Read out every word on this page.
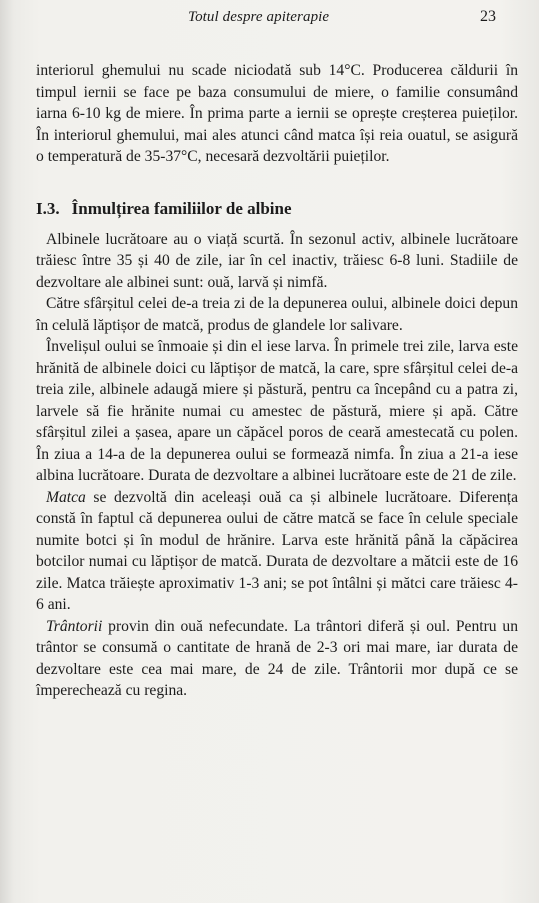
Totul despre apiterapie	23

interiorul ghemului nu scade niciodată sub 14°C. Producerea căldurii în timpul iernii se face pe baza consumului de miere, o familie consumând iarna 6-10 kg de miere. În prima parte a iernii se oprește creșterea puieților. În interiorul ghemului, mai ales atunci când matca își reia ouatul, se asigură o temperatură de 35-37°C, necesară dezvoltării puieților.

I.3. Înmulțirea familiilor de albine

Albinele lucrătoare au o viață scurtă. În sezonul activ, albinele lucrătoare trăiesc între 35 și 40 de zile, iar în cel inactiv, trăiesc 6-8 luni. Stadiile de dezvoltare ale albinei sunt: ouă, larvă și nimfă.

Către sfârșitul celei de-a treia zi de la depunerea oului, albinele doici depun în celulă lăptișor de matcă, produs de glandele lor salivare.

Învelișul oului se înmoaie și din el iese larva. În primele trei zile, larva este hrănită de albinele doici cu lăptișor de matcă, la care, spre sfârșitul celei de-a treia zile, albinele adaugă miere și păstură, pentru ca începând cu a patra zi, larvele să fie hrănite numai cu amestec de păstură, miere și apă. Către sfârșitul zilei a șasea, apare un căpăcel poros de ceară amestecată cu polen. În ziua a 14-a de la depunerea oului se formează nimfa. În ziua a 21-a iese albina lucrătoare. Durata de dezvoltare a albinei lucrătoare este de 21 de zile.

Matca se dezvoltă din aceleași ouă ca și albinele lucrătoare. Diferența constă în faptul că depunerea oului de către matcă se face în celule speciale numite botci și în modul de hrănire. Larva este hrănită până la căpăcirea botcilor numai cu lăptișor de matcă. Durata de dezvoltare a mătcii este de 16 zile. Matca trăiește aproximativ 1-3 ani; se pot întâlni și mătci care trăiesc 4-6 ani.

Trântorii provin din ouă nefecundate. La trântori diferă și oul. Pentru un trântor se consumă o cantitate de hrană de 2-3 ori mai mare, iar durata de dezvoltare este cea mai mare, de 24 de zile. Trântorii mor după ce se împerechează cu regina.
